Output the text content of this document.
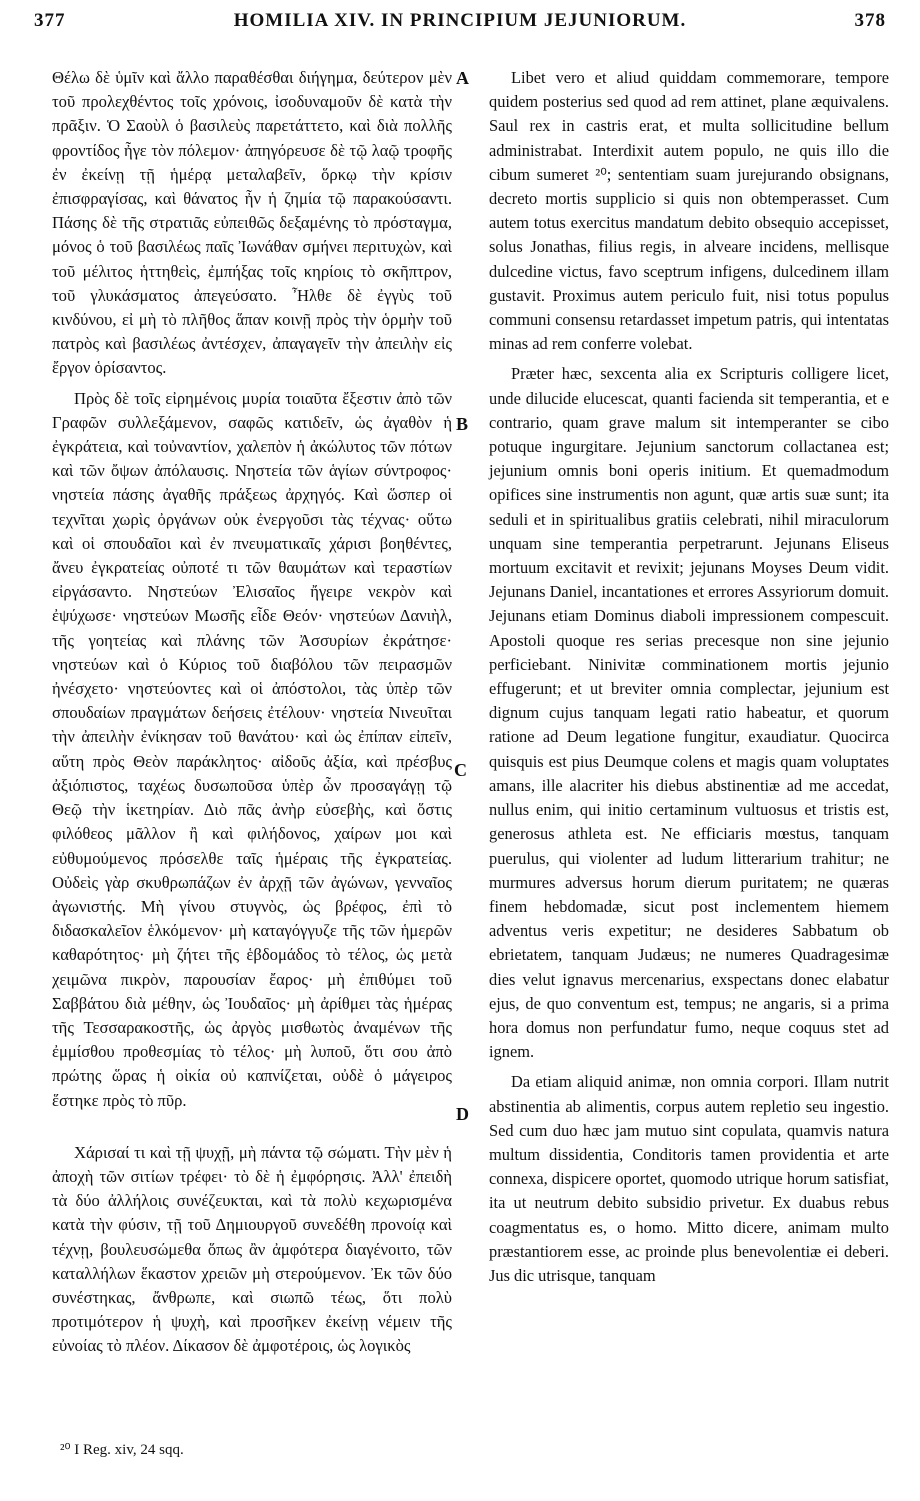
377	HOMILIA XIV. IN PRINCIPIUM JEJUNIORUM.	378

Θέλω δὲ ὑμῖν καὶ ἄλλο παραθέσθαι διήγημα, δεύτερον μὲν τοῦ προλεχθέντος τοῖς χρόνοις, ἰσοδυναμοῦν δὲ κατὰ τὴν πρᾶξιν. Ὁ Σαοὺλ ὁ βασιλεὺς παρετάττετο, καὶ διὰ πολλῆς φροντίδος ἦγε τὸν πόλεμον· ἀπηγόρευσε δὲ τῷ λαῷ τροφῆς ἐν ἐκείνῃ τῇ ἡμέρᾳ μεταλαβεῖν, ὅρκῳ τὴν κρίσιν ἐπισφραγίσας, καὶ θάνατος ἦν ἡ ζημία τῷ παρακούσαντι. Πάσης δὲ τῆς στρατιᾶς εὐπειθῶς δεξαμένης τὸ πρόσταγμα, μόνος ὁ τοῦ βασιλέως παῖς Ἰωνάθαν σμήνει περιτυχὼν, καὶ τοῦ μέλιτος ἡττηθεὶς, ἐμπήξας τοῖς κηρίοις τὸ σκῆπτρον, τοῦ γλυκάσματος ἀπεγεύσατο. Ἦλθε δὲ ἐγγὺς τοῦ κινδύνου, εἰ μὴ τὸ πλῆθος ἅπαν κοινῇ πρὸς τὴν ὁρμὴν τοῦ πατρὸς καὶ βασιλέως ἀντέσχεν, ἀπαγαγεῖν τὴν ἀπειλὴν εἰς ἔργον ὁρίσαντος.

Πρὸς δὲ τοῖς εἰρημένοις μυρία τοιαῦτα ἔξεστιν ἀπὸ τῶν Γραφῶν συλλεξάμενον, σαφῶς κατιδεῖν, ὡς ἀγαθὸν ἡ ἐγκράτεια, καὶ τοὐναντίον, χαλεπὸν ἡ ἀκώλυτος τῶν πότων καὶ τῶν ὄψων ἀπόλαυσις. Νηστεία τῶν ἁγίων σύντροφος· νηστεία πάσης ἀγαθῆς πράξεως ἀρχηγός. Καὶ ὥσπερ οἱ τεχνῖται χωρὶς ὀργάνων οὐκ ἐνεργοῦσι τὰς τέχνας· οὕτω καὶ οἱ σπουδαῖοι καὶ ἐν πνευματικαῖς χάρισι βοηθέντες, ἄνευ ἐγκρατείας οὐποτέ τι τῶν θαυμάτων καὶ τεραστίων εἰργάσαντο. Νηστεύων Ἐλισαῖος ἤγειρε νεκρὸν καὶ ἐψύχωσε· νηστεύων Μωσῆς εἶδε Θεόν· νηστεύων Δανιὴλ, τῆς γοητείας καὶ πλάνης τῶν Ἀσσυρίων ἐκράτησε· νηστεύων καὶ ὁ Κύριος τοῦ διαβόλου τῶν πειρασμῶν ἠνέσχετο· νηστεύοντες καὶ οἱ ἀπόστολοι, τὰς ὑπὲρ τῶν σπουδαίων πραγμάτων δεήσεις ἐτέλουν· νηστεία Νινευῖται τὴν ἀπειλὴν ἐνίκησαν τοῦ θανάτου· καὶ ὡς ἐπίπαν εἰπεῖν, αὕτη πρὸς Θεὸν παράκλητος· αἰδοῦς ἀξία, καὶ πρέσβυς ἀξιόπιστος, ταχέως δυσωποῦσα ὑπὲρ ὧν προσαγάγῃ τῷ Θεῷ τὴν ἱκετηρίαν. Διὸ πᾶς ἀνὴρ εὐσεβὴς, καὶ ὅστις φιλόθεος μᾶλλον ἢ καὶ φιλήδονος, χαίρων μοι καὶ εὐθυμούμενος πρόσελθε ταῖς ἡμέραις τῆς ἐγκρατείας. Οὐδεὶς γὰρ σκυθρωπάζων ἐν ἀρχῇ τῶν ἀγώνων, γενναῖος ἀγωνιστής. Μὴ γίνου στυγνὸς, ὡς βρέφος, ἐπὶ τὸ διδασκαλεῖον ἑλκόμενον· μὴ καταγόγγυζε τῆς τῶν ἡμερῶν καθαρότητος· μὴ ζήτει τῆς ἑβδομάδος τὸ τέλος, ὡς μετὰ χειμῶνα πικρὸν, παρουσίαν ἔαρος· μὴ ἐπιθύμει τοῦ Σαββάτου διὰ μέθην, ὡς Ἰουδαῖος· μὴ ἀρίθμει τὰς ἡμέρας τῆς Τεσσαρακοστῆς, ὡς ἀργὸς μισθωτὸς ἀναμένων τῆς ἐμμίσθου προθεσμίας τὸ τέλος· μὴ λυποῦ, ὅτι σου ἀπὸ πρώτης ὥρας ἡ οἰκία οὐ καπνίζεται, οὐδὲ ὁ μάγειρος ἕστηκε πρὸς τὸ πῦρ.

Χάρισαί τι καὶ τῇ ψυχῇ, μὴ πάντα τῷ σώματι. Τὴν μὲν ἡ ἀποχὴ τῶν σιτίων τρέφει· τὸ δὲ ἡ ἐμφόρησις. Ἀλλ' ἐπειδὴ τὰ δύο ἀλλήλοις συνέζευκται, καὶ τὰ πολὺ κεχωρισμένα κατὰ τὴν φύσιν, τῇ τοῦ Δημιουργοῦ συνεδέθη προνοίᾳ καὶ τέχνῃ, βουλευσώμεθα ὅπως ἂν ἀμφότερα διαγένοιτο, τῶν καταλλήλων ἕκαστον χρειῶν μὴ στερούμενον. Ἐκ τῶν δύο συνέστηκας, ἄνθρωπε, καὶ σιωπῶ τέως, ὅτι πολὺ προτιμότερον ἡ ψυχὴ, καὶ προσῆκεν ἐκείνῃ νέμειν τῆς εὐνοίας τὸ πλέον. Δίκασον δὲ ἀμφοτέροις, ὡς λογικὸς

A
B
C
D

Libet vero et aliud quiddam commemorare, tempore quidem posterius sed quod ad rem attinet, plane æquivalens. Saul rex in castris erat, et multa sollicitudine bellum administrabat. Interdixit autem populo, ne quis illo die cibum sumeret ²⁰; sententiam suam jurejurando obsignans, decreto mortis supplicio si quis non obtemperasset. Cum autem totus exercitus mandatum debito obsequio accepisset, solus Jonathas, filius regis, in alveare incidens, mellisque dulcedine victus, favo sceptrum infigens, dulcedinem illam gustavit. Proximus autem periculo fuit, nisi totus populus communi consensu retardasset impetum patris, qui intentatas minas ad rem conferre volebat.

Præter hæc, sexcenta alia ex Scripturis colligere licet, unde dilucide elucescat, quanti facienda sit temperantia, et e contrario, quam grave malum sit intemperanter se cibo potuque ingurgitare. Jejunium sanctorum collactanea est; jejunium omnis boni operis initium. Et quemadmodum opifices sine instrumentis non agunt, quæ artis suæ sunt; ita seduli et in spiritualibus gratiis celebrati, nihil miraculorum unquam sine temperantia perpetrarunt. Jejunans Eliseus mortuum excitavit et revixit; jejunans Moyses Deum vidit. Jejunans Daniel, incantationes et errores Assyriorum domuit. Jejunans etiam Dominus diaboli impressionem compescuit. Apostoli quoque res serias precesque non sine jejunio perficiebant. Ninivitæ comminationem mortis jejunio effugerunt; et ut breviter omnia complectar, jejunium est dignum cujus tanquam legati ratio habeatur, et quorum ratione ad Deum legatione fungitur, exaudiatur. Quocirca quisquis est pius Deumque colens et magis quam voluptates amans, ille alacriter his diebus abstinentiæ ad me accedat, nullus enim, qui initio certaminum vultuosus et tristis est, generosus athleta est. Ne efficiaris mœstus, tanquam puerulus, qui violenter ad ludum litterarium trahitur; ne murmures adversus horum dierum puritatem; ne quæras finem hebdomadæ, sicut post inclementem hiemem adventus veris expetitur; ne desideres Sabbatum ob ebrietatem, tanquam Judæus; ne numeres Quadragesimæ dies velut ignavus mercenarius, exspectans donec elabatur ejus, de quo conventum est, tempus; ne angaris, si a prima hora domus non perfundatur fumo, neque coquus stet ad ignem.

Da etiam aliquid animæ, non omnia corpori. Illam nutrit abstinentia ab alimentis, corpus autem repletio seu ingestio. Sed cum duo hæc jam mutuo sint copulata, quamvis natura multum dissidentia, Conditoris tamen providentia et arte connexa, dispicere oportet, quomodo utrique horum satisfiat, ita ut neutrum debito subsidio privetur. Ex duabus rebus coagmentatus es, o homo. Mitto dicere, animam multo præstantiorem esse, ac proinde plus benevolentiæ ei deberi. Jus dic utrisque, tanquam

²⁰ I Reg. xiv, 24 sqq.
